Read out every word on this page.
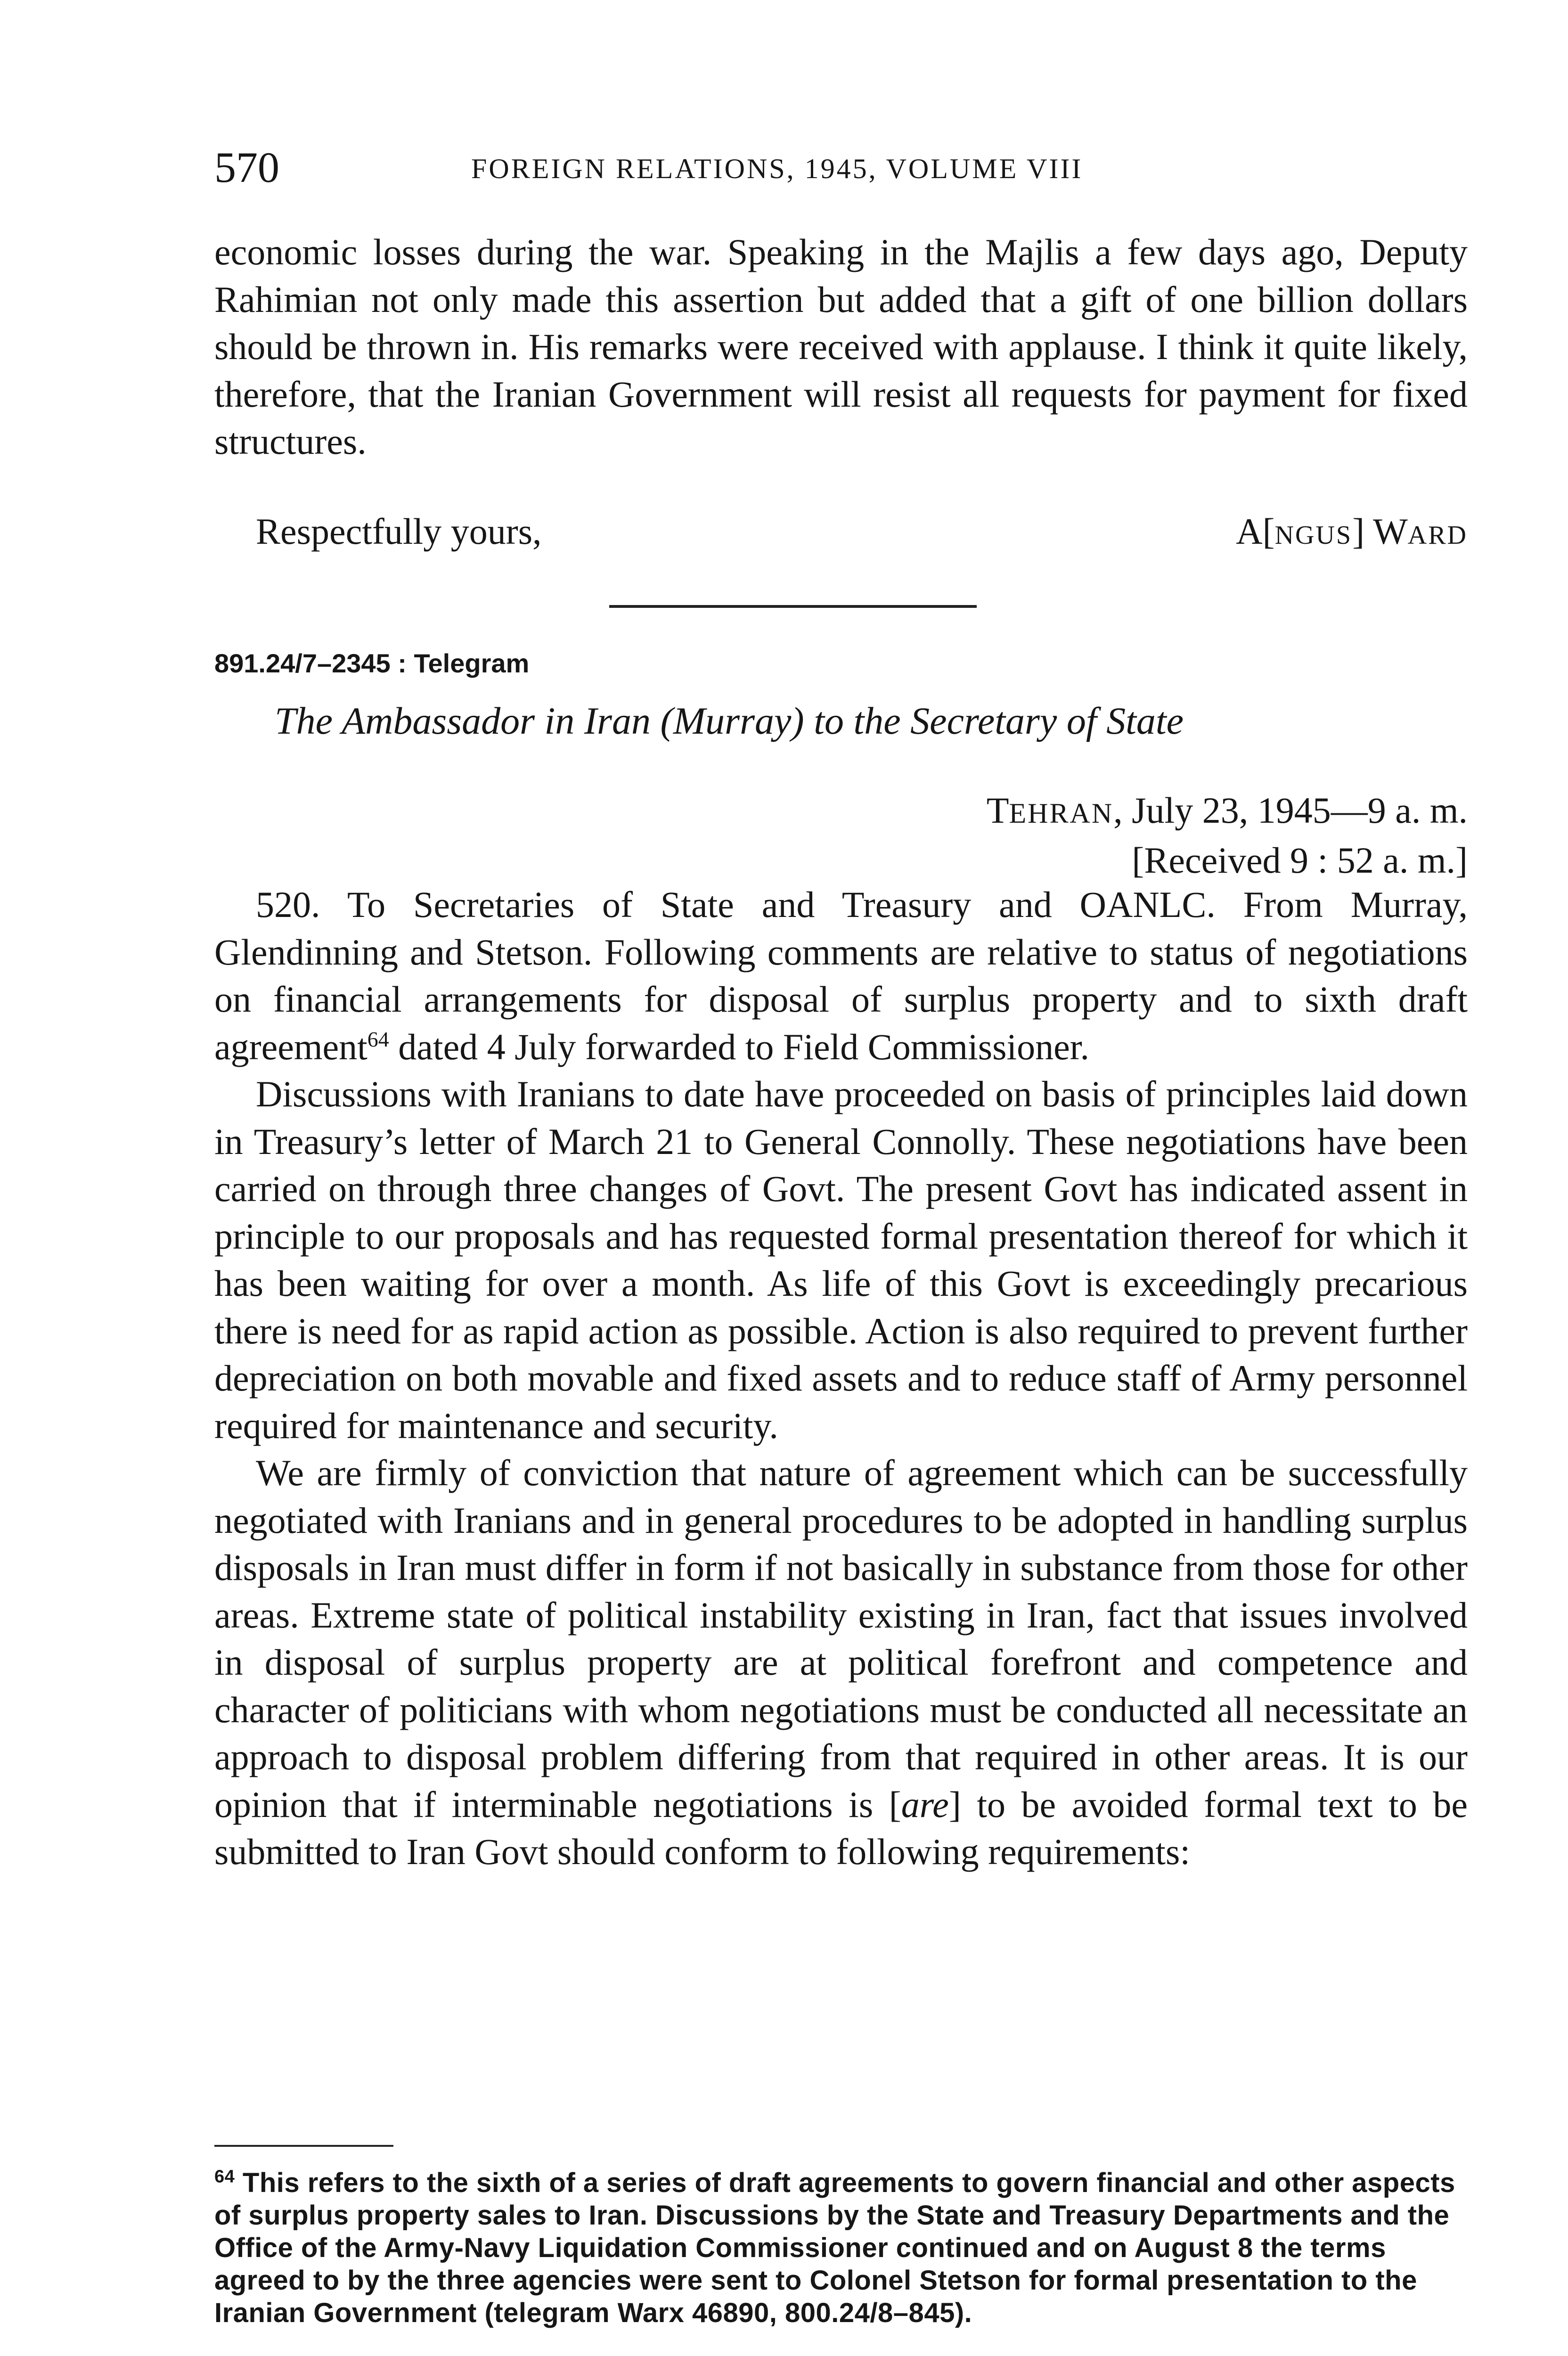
570	FOREIGN RELATIONS, 1945, VOLUME VIII

economic losses during the war. Speaking in the Majlis a few days ago, Deputy Rahimian not only made this assertion but added that a gift of one billion dollars should be thrown in. His remarks were received with applause. I think it quite likely, therefore, that the Iranian Government will resist all requests for payment for fixed structures.

Respectfully yours,	A[NGUS] WARD
891.24/7–2345 : Telegram
The Ambassador in Iran (Murray) to the Secretary of State
TEHRAN, July 23, 1945—9 a. m.
[Received 9 : 52 a. m.]

520. To Secretaries of State and Treasury and OANLC. From Murray, Glendinning and Stetson. Following comments are relative to status of negotiations on financial arrangements for disposal of surplus property and to sixth draft agreement$^{64}$ dated 4 July forwarded to Field Commissioner.

Discussions with Iranians to date have proceeded on basis of principles laid down in Treasury’s letter of March 21 to General Connolly. These negotiations have been carried on through three changes of Govt. The present Govt has indicated assent in principle to our proposals and has requested formal presentation thereof for which it has been waiting for over a month. As life of this Govt is exceedingly precarious there is need for as rapid action as possible. Action is also required to prevent further depreciation on both movable and fixed assets and to reduce staff of Army personnel required for maintenance and security.

We are firmly of conviction that nature of agreement which can be successfully negotiated with Iranians and in general procedures to be adopted in handling surplus disposals in Iran must differ in form if not basically in substance from those for other areas. Extreme state of political instability existing in Iran, fact that issues involved in disposal of surplus property are at political forefront and competence and character of politicians with whom negotiations must be conducted all necessitate an approach to disposal problem differing from that required in other areas. It is our opinion that if interminable negotiations is [are] to be avoided formal text to be submitted to Iran Govt should conform to following requirements:

$^{64}$ This refers to the sixth of a series of draft agreements to govern financial and other aspects of surplus property sales to Iran. Discussions by the State and Treasury Departments and the Office of the Army-Navy Liquidation Commissioner continued and on August 8 the terms agreed to by the three agencies were sent to Colonel Stetson for formal presentation to the Iranian Government (telegram Warx 46890, 800.24/8–845).
